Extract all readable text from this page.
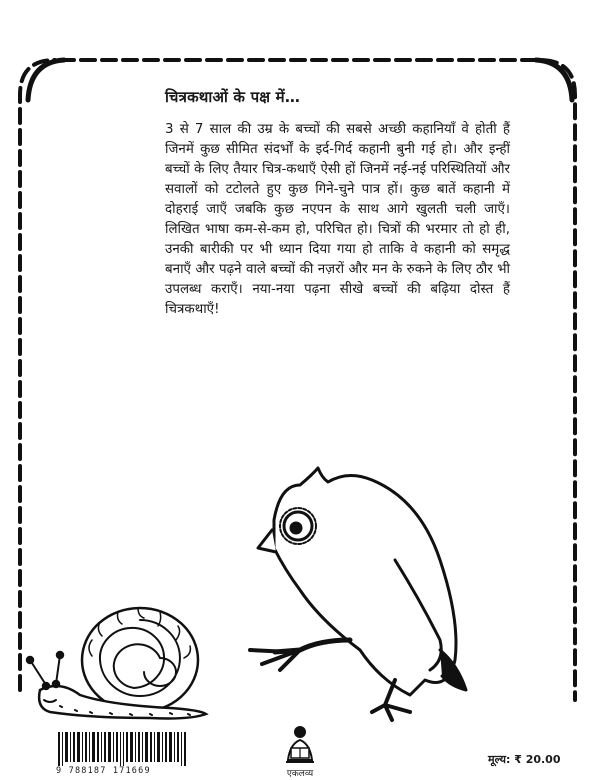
चित्रकथाओं के पक्ष में…

3 से 7 साल की उम्र के बच्चों की सबसे अच्छी कहानियाँ वे होती हैं जिनमें कुछ सीमित संदर्भों के इर्द-गिर्द कहानी बुनी गई हो। और इन्हीं बच्चों के लिए तैयार चित्र-कथाएँ ऐसी हों जिनमें नई-नई परिस्थितियों और सवालों को टटोलते हुए कुछ गिने-चुने पात्र हों। कुछ बातें कहानी में दोहराई जाएँ जबकि कुछ नएपन के साथ आगे खुलती चली जाएँ। लिखित भाषा कम-से-कम हो, परिचित हो। चित्रों की भरमार तो हो ही, उनकी बारीकी पर भी ध्यान दिया गया हो ताकि वे कहानी को समृद्ध बनाएँ और पढ़ने वाले बच्चों की नज़रों और मन के रुकने के लिए ठौर भी उपलब्ध कराएँ। नया-नया पढ़ना सीखे बच्चों की बढ़िया दोस्त हैं चित्रकथाएँ!

9 788187 171669	एकलव्य
मूल्य: ₹ 20.00
